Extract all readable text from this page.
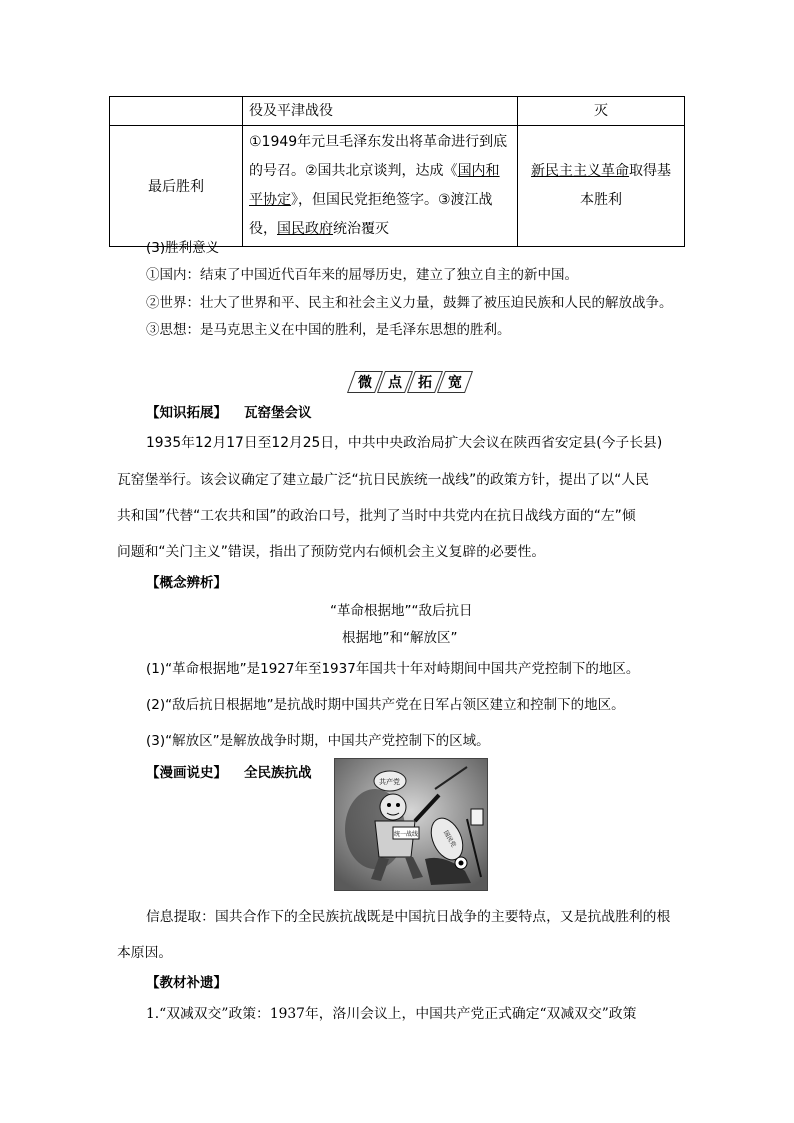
	役及平津战役	灭
最后胜利	①1949年元旦毛泽东发出将革命进行到底的号召。②国共北京谈判，达成《国内和平协定》，但国民党拒绝签字。③渡江战役，国民政府统治覆灭	新民主主义革命取得基本胜利
(3)胜利意义
①国内：结束了中国近代百年来的屈辱历史，建立了独立自主的新中国。
②世界：壮大了世界和平、民主和社会主义力量，鼓舞了被压迫民族和人民的解放战争。
③思想：是马克思主义在中国的胜利，是毛泽东思想的胜利。
微 点 拓 宽
【知识拓展】 瓦窑堡会议
1935年12月17日至12月25日，中共中央政治局扩大会议在陕西省安定县(今子长县)
瓦窑堡举行。该会议确定了建立最广泛“抗日民族统一战线”的政策方针，提出了以“人民
共和国”代替“工农共和国”的政治口号，批判了当时中共党内在抗日战线方面的“左”倾
问题和“关门主义”错误，指出了预防党内右倾机会主义复辟的必要性。
【概念辨析】
“革命根据地”“敌后抗日
根据地”和“解放区”
(1)“革命根据地”是1927年至1937年国共十年对峙期间中国共产党控制下的地区。
(2)“敌后抗日根据地”是抗战时期中国共产党在日军占领区建立和控制下的地区。
(3)“解放区”是解放战争时期，中国共产党控制下的区域。
【漫画说史】 全民族抗战
共产党
统一战线	国民党
信息提取：国共合作下的全民族抗战既是中国抗日战争的主要特点，又是抗战胜利的根
本原因。
【教材补遗】
1.“双减双交”政策：1937年，洛川会议上，中国共产党正式确定“双减双交”政策
